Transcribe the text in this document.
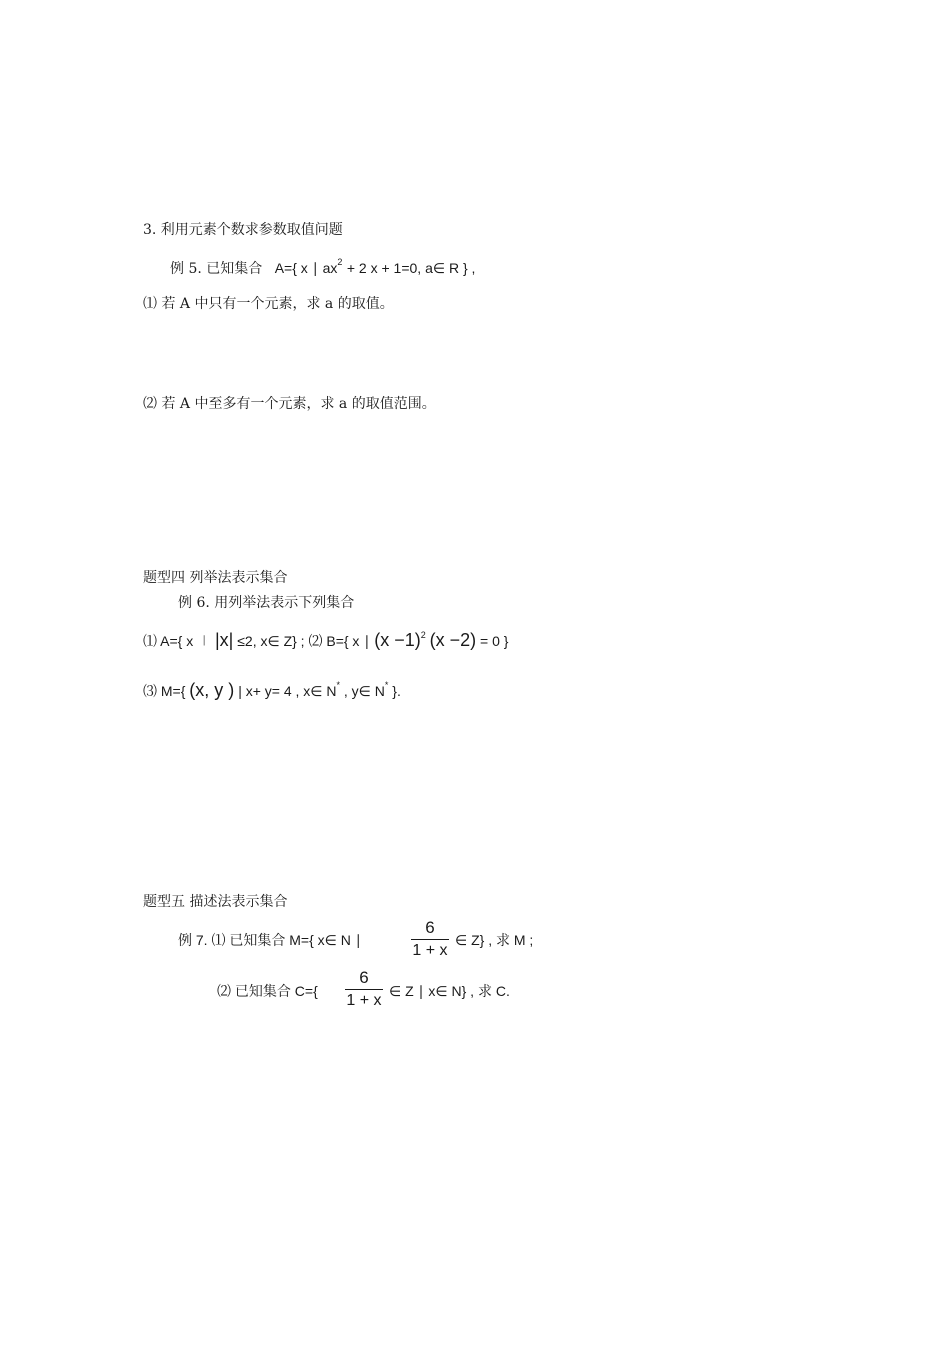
3. 利用元素个数求参数取值问题
例 5. 已知集合 A={ x ∣ $ax^2 + 2$ x + 1=0, a∈ R } ,
⑴ 若 A 中只有一个元素，求 a 的取值。
⑵ 若 A 中至多有一个元素，求 a 的取值范围。
题型四 列举法表示集合
例 6. 用列举法表示下列集合
⑴ A={ x ∣ |x| ≤2, x∈ Z} ; ⑵ B={ x ∣ $(x -1)^2$ (x −2) = 0 }
⑶ M={ (x, y ) | x+ y= 4 , x∈ N* , y∈ N* }.
题型五 描述法表示集合
例 7. ⑴ 已知集合 M={ x∈ N ∣
6
1 + x
∈ Z} , 求 M ;
⑵ 已知集合 C={
6
1 + x
∈ Z ∣ x∈ N} , 求 C.
